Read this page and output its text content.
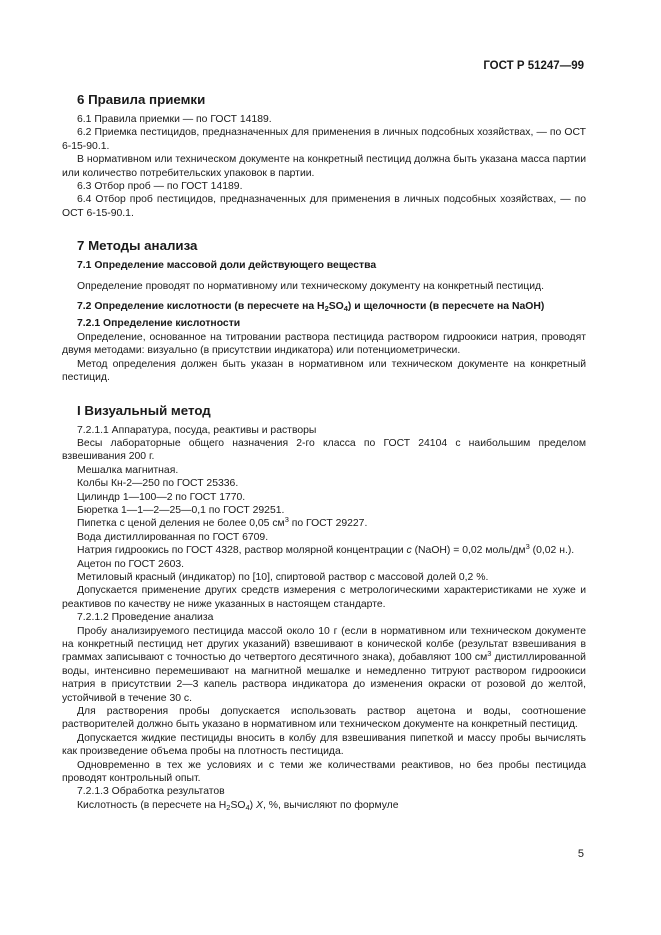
ГОСТ Р 51247—99
6 Правила приемки

6.1 Правила приемки — по ГОСТ 14189.

6.2 Приемка пестицидов, предназначенных для применения в личных подсобных хозяйствах, — по ОСТ 6-15-90.1.

В нормативном или техническом документе на конкретный пестицид должна быть указана масса партии или количество потребительских упаковок в партии.

6.3 Отбор проб — по ГОСТ 14189.

6.4 Отбор проб пестицидов, предназначенных для применения в личных подсобных хозяйствах, — по ОСТ 6-15-90.1.

7 Методы анализа

7.1 Определение массовой доли действующего вещества

Определение проводят по нормативному или техническому документу на конкретный пестицид.

7.2 Определение кислотности (в пересчете на $H_2SO_4$) и щелочности (в пересчете на NaOH)

7.2.1 Определение кислотности

Определение, основанное на титровании раствора пестицида раствором гидроокиси натрия, проводят двумя методами: визуально (в присутствии индикатора) или потенциометрически.

Метод определения должен быть указан в нормативном или техническом документе на конкретный пестицид.

I Визуальный метод

7.2.1.1 Аппаратура, посуда, реактивы и растворы

Весы лабораторные общего назначения 2-го класса по ГОСТ 24104 с наибольшим пределом взвешивания 200 г.

Мешалка магнитная.

Колбы Кн-2—250 по ГОСТ 25336.

Цилиндр 1—100—2 по ГОСТ 1770.

Бюретка 1—1—2—25—0,1 по ГОСТ 29251.

Пипетка с ценой деления не более 0,05 $см^3$ по ГОСТ 29227.

Вода дистиллированная по ГОСТ 6709.

Натрия гидроокись по ГОСТ 4328, раствор молярной концентрации c (NaOH) = 0,02 моль/$дм^3$ (0,02 н.).

Ацетон по ГОСТ 2603.

Метиловый красный (индикатор) по [10], спиртовой раствор с массовой долей 0,2 %.

Допускается применение других средств измерения с метрологическими характеристиками не хуже и реактивов по качеству не ниже указанных в настоящем стандарте.

7.2.1.2 Проведение анализа

Пробу анализируемого пестицида массой около 10 г (если в нормативном или техническом документе на конкретный пестицид нет других указаний) взвешивают в конической колбе (результат взвешивания в граммах записывают с точностью до четвертого десятичного знака), добавляют 100 $см^3$ дистиллированной воды, интенсивно перемешивают на магнитной мешалке и немедленно титруют раствором гидроокиси натрия в присутствии 2—3 капель раствора индикатора до изменения окраски от розовой до желтой, устойчивой в течение 30 с.

Для растворения пробы допускается использовать раствор ацетона и воды, соотношение растворителей должно быть указано в нормативном или техническом документе на конкретный пестицид.

Допускается жидкие пестициды вносить в колбу для взвешивания пипеткой и массу пробы вычислять как произведение объема пробы на плотность пестицида.

Одновременно в тех же условиях и с теми же количествами реактивов, но без пробы пестицида проводят контрольный опыт.

7.2.1.3 Обработка результатов

Кислотность (в пересчете на $H_2SO_4$) X, %, вычисляют по формуле

5
